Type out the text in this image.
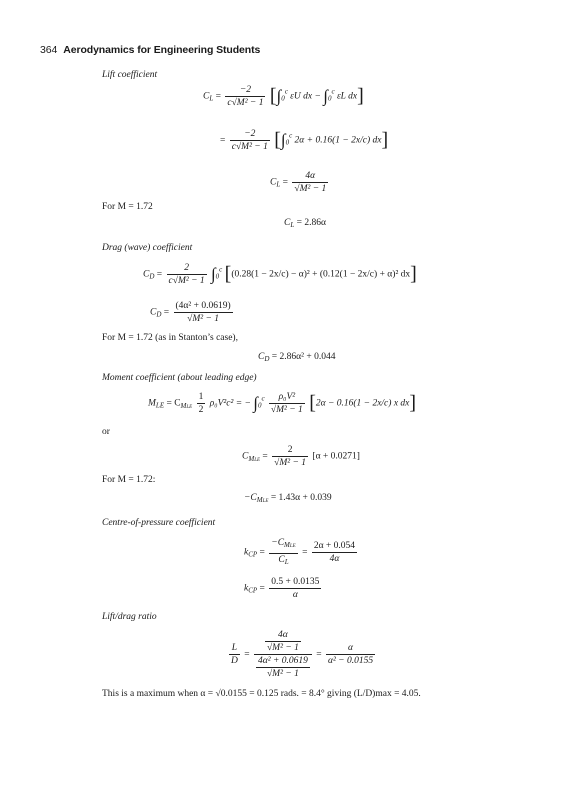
364 Aerodynamics for Engineering Students
Lift coefficient
$C_L = \frac{-2}{\text{c√M² − 1}} [\int_0^c$ εU dx − $\int_0^c$ εL dx]
= $\frac{-2}{\text{c√M² − 1}} [\int_0^c$ 2α + 0.16(1 − 2x/c) dx]
$C_L = \frac{4\alpha}{\text{√M² − 1}}$
For M = 1.72
$C_L = 2.86\alpha$
Drag (wave) coefficient
$C_D = \frac{2}{\text{c√M² − 1}} \int_0^c$ [(0.28(1 − 2x/c) − α)² + (0.12(1 − 2x/c) + α)² dx]
$C_D = \frac{\text{(4α² + 0.0619)}}{\text{√M² − 1}}$
For M = 1.72 (as in Stanton’s case),
$C_D = 2.86\alpha^2 + 0.044$
Moment coefficient (about leading edge)
$M_{LE} = C_{MLE} \frac{1}{2} \rho_0V^2c^2$ = − $\int_0^c \frac{\text{ρ₀V²}}{\text{√M² − 1}} [2\alpha - 0.16(1 - 2x/c)$ x dx]
or
$C_{MLE} = \frac{2}{\text{√M² − 1}} [\alpha + 0.0271]$
For M = 1.72:
$-C_{MLE} = 1.43\alpha + 0.039$
Centre-of-pressure coefficient
$k_{CP} = \frac{-C_{MLE}}{C_L} = \frac{2\alpha + 0.054}{4\alpha}$
$k_{CP} = \frac{0.5 + 0.0135}{\alpha}$
Lift/drag ratio
$\frac{L}{D} = \frac{\frac{4\alpha}{\text{√M² − 1}}}{\frac{\text{4α² + 0.0619}}{\text{√M² − 1}}} = \frac{\alpha}{\text{α² − 0.0155}}$
This is a maximum when α = √0.0155 = 0.125 rads. = 8.4° giving (L/D)max = 4.05.
